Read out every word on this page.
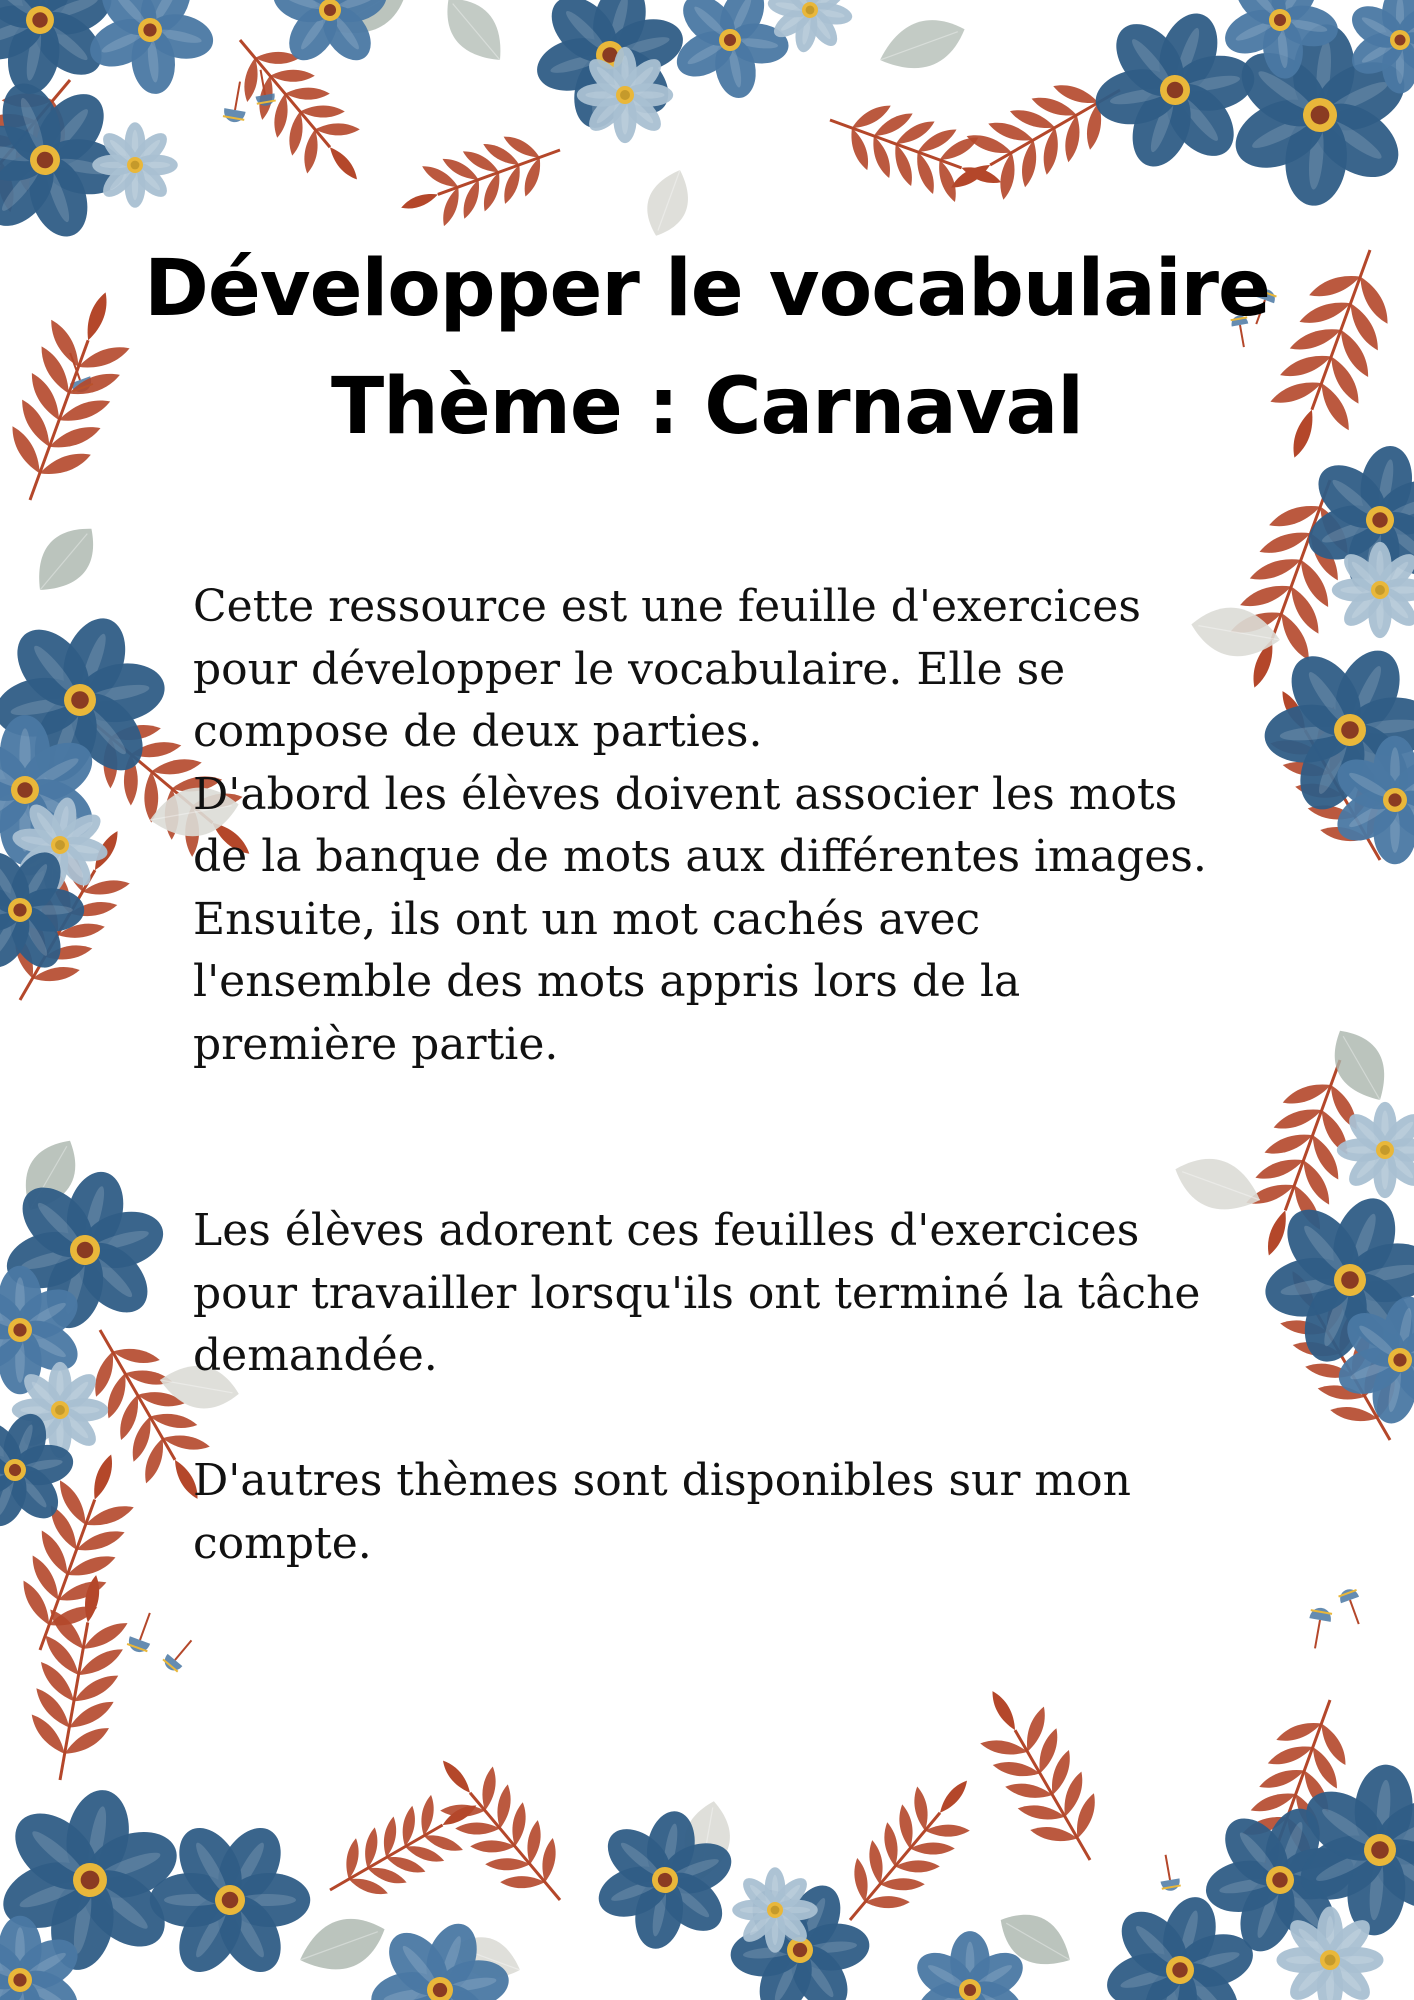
Développer le vocabulaire
Thème : Carnaval
Cette ressource est une feuille d'exercices
pour développer le vocabulaire. Elle se
compose de deux parties.
D'abord les élèves doivent associer les mots
de la banque de mots aux différentes images.
Ensuite, ils ont un mot cachés avec
l'ensemble des mots appris lors de la
première partie.
Les élèves adorent ces feuilles d'exercices
pour travailler lorsqu'ils ont terminé la tâche
demandée.
D'autres thèmes sont disponibles sur mon
compte.
